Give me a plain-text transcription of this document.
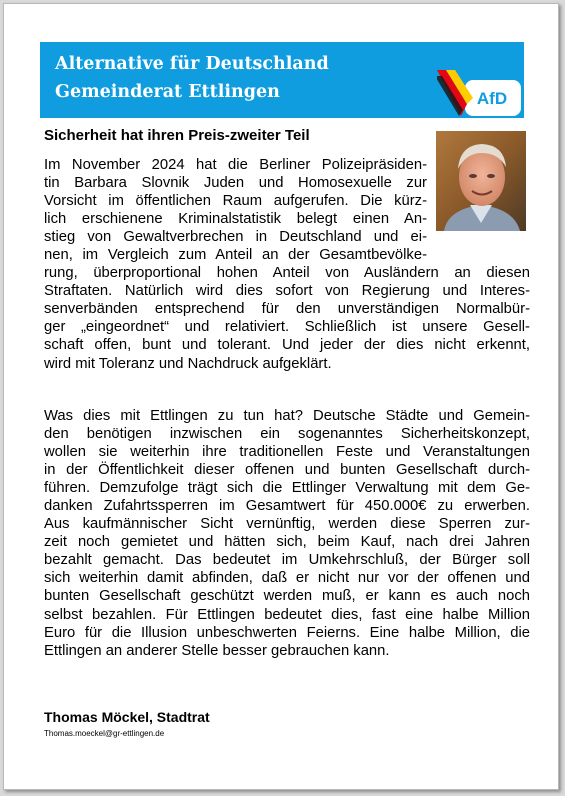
Alternative für Deutschland
Gemeinderat Ettlingen	AfD
Sicherheit hat ihren Preis-zweiter Teil

Im November 2024 hat die Berliner Polizeipräsiden-
tin Barbara Slovnik Juden und Homosexuelle zur
Vorsicht im öffentlichen Raum aufgerufen. Die kürz-
lich erschienene Kriminalstatistik belegt einen An-
stieg von Gewaltverbrechen in Deutschland und ei-
nen, im Vergleich zum Anteil an der Gesamtbevölke-
rung, überproportional hohen Anteil von Ausländern an diesen
Straftaten. Natürlich wird dies sofort von Regierung und Interes-
senverbänden entsprechend für den unverständigen Normalbür-
ger „eingeordnet“ und relativiert. Schließlich ist unsere Gesell-
schaft offen, bunt und tolerant. Und jeder der dies nicht erkennt,
wird mit Toleranz und Nachdruck aufgeklärt.

Was dies mit Ettlingen zu tun hat? Deutsche Städte und Gemein-
den benötigen inzwischen ein sogenanntes Sicherheitskonzept,
wollen sie weiterhin ihre traditionellen Feste und Veranstaltungen
in der Öffentlichkeit dieser offenen und bunten Gesellschaft durch-
führen. Demzufolge trägt sich die Ettlinger Verwaltung mit dem Ge-
danken Zufahrtssperren im Gesamtwert für 450.000€ zu erwerben.
Aus kaufmännischer Sicht vernünftig, werden diese Sperren zur-
zeit noch gemietet und hätten sich, beim Kauf, nach drei Jahren
bezahlt gemacht. Das bedeutet im Umkehrschluß, der Bürger soll
sich weiterhin damit abfinden, daß er nicht nur vor der offenen und
bunten Gesellschaft geschützt werden muß, er kann es auch noch
selbst bezahlen. Für Ettlingen bedeutet dies, fast eine halbe Million
Euro für die Illusion unbeschwerten Feierns. Eine halbe Million, die
Ettlingen an anderer Stelle besser gebrauchen kann.

Thomas Möckel, Stadtrat

Thomas.moeckel@gr-ettlingen.de
